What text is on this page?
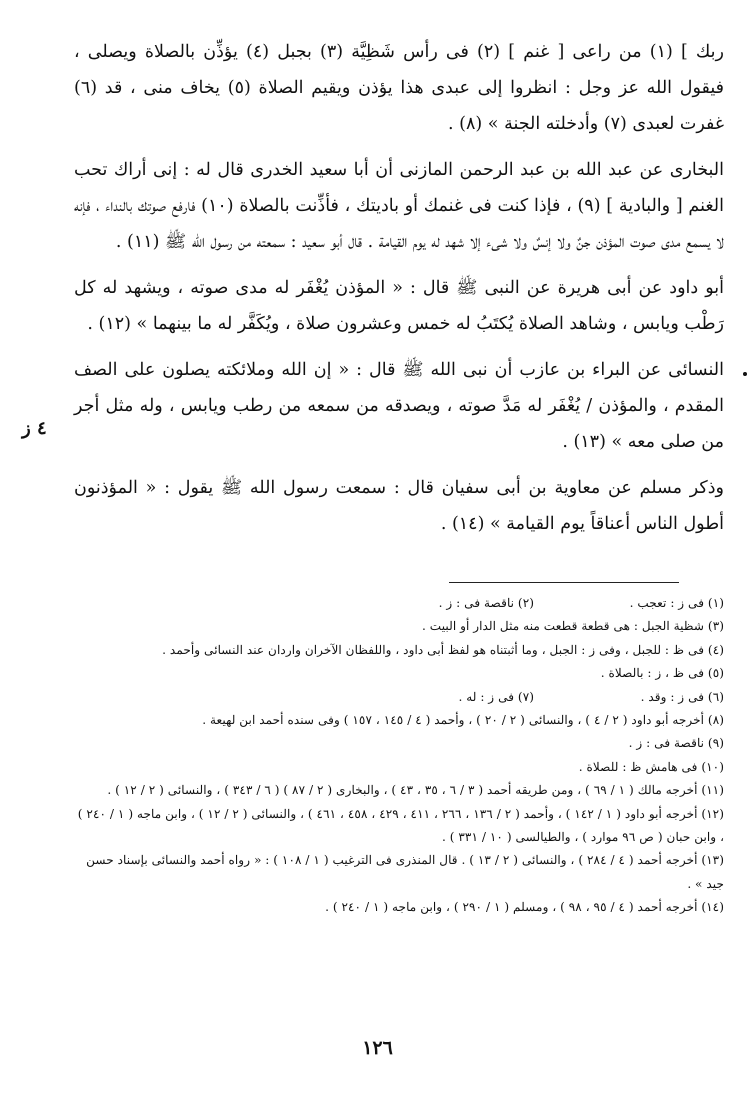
ربك ] (١) من راعى [ غنم ] (٢) فى رأس شَظِيَّة (٣) بجبل (٤) يؤذِّن بالصلاة ويصلى ، فيقول الله عز وجل : انظروا إلى عبدى هذا يؤذن ويقيم الصلاة (٥) يخاف منى ، قد (٦) غفرت لعبدى (٧) وأدخلته الجنة » (٨) .

البخارى عن عبد الله بن عبد الرحمن المازنى أن أبا سعيد الخدرى قال له : إنى أراك تحب الغنم [ والبادية ] (٩) ، فإذا كنت فى غنمك أو باديتك ، فأذِّنت بالصلاة (١٠) فارفع صوتك بالنداء ، فإنه لا يسمع مدى صوت المؤذن جنٌ ولا إنسٌ ولا شىء إلا شهد له يوم القيامة . قال أبو سعيد : سمعته من رسول الله ﷺ (١١) .

أبو داود عن أبى هريرة عن النبى ﷺ قال : « المؤذن يُغْفَر له مدى صوته ، ويشهد له كل رَطْب ويابس ، وشاهد الصلاة يُكتَبُ له خمس وعشرون صلاة ، ويُكَفَّر له ما بينهما » (١٢) .

النسائى عن البراء بن عازب أن نبى الله ﷺ قال : « إن الله وملائكته يصلون على الصف المقدم ، والمؤذن / يُغْفَر له مَدَّ صوته ، ويصدقه من سمعه من رطب ويابس ، وله مثل أجر من صلى معه » (١٣) .

وذكر مسلم عن معاوية بن أبى سفيان قال : سمعت رسول الله ﷺ يقول : « المؤذنون أطول الناس أعناقاً يوم القيامة » (١٤) .

٤ ز
(١) فى ز : تعجب .
(٢) ناقصة فى : ز .

(٣) شظية الجبل : هى قطعة قطعت منه مثل الدار أو البيت .

(٤) فى ظ : للجبل ، وفى ز : الجبل ، وما أثبتناه هو لفظ أبى داود ، واللفظان الآخران واردان عند النسائى وأحمد .

(٥) فى ظ ، ز : بالصلاة .

(٦) فى ز : وقد .
(٧) فى ز : له .

(٨) أخرجه أبو داود ( ٢ / ٤ ) ، والنسائى ( ٢ / ٢٠ ) ، وأحمد ( ٤ / ١٤٥ ، ١٥٧ ) وفى سنده أحمد ابن لهيعة .

(٩) ناقصة فى : ز .

(١٠) فى هامش ظ : للصلاة .

(١١) أخرجه مالك ( ١ / ٦٩ ) ، ومن طريقه أحمد ( ٣ / ٦ ، ٣٥ ، ٤٣ ) ، والبخارى ( ٢ / ٨٧ ) ( ٦ / ٣٤٣ ) ، والنسائى ( ٢ / ١٢ ) .

(١٢) أخرجه أبو داود ( ١ / ١٤٢ ) ، وأحمد ( ٢ / ١٣٦ ، ٢٦٦ ، ٤١١ ، ٤٢٩ ، ٤٥٨ ، ٤٦١ ) ، والنسائى ( ٢ / ١٢ ) ، وابن ماجه ( ١ / ٢٤٠ ) ، وابن حبان ( ص ٩٦ موارد ) ، والطيالسى ( ١٠ / ٣٣١ ) .

(١٣) أخرجه أحمد ( ٤ / ٢٨٤ ) ، والنسائى ( ٢ / ١٣ ) . قال المنذرى فى الترغيب ( ١ / ١٠٨ ) : « رواه أحمد والنسائى بإسناد حسن جيد » .

(١٤) أخرجه أحمد ( ٤ / ٩٥ ، ٩٨ ) ، ومسلم ( ١ / ٢٩٠ ) ، وابن ماجه ( ١ / ٢٤٠ ) .

١٢٦
